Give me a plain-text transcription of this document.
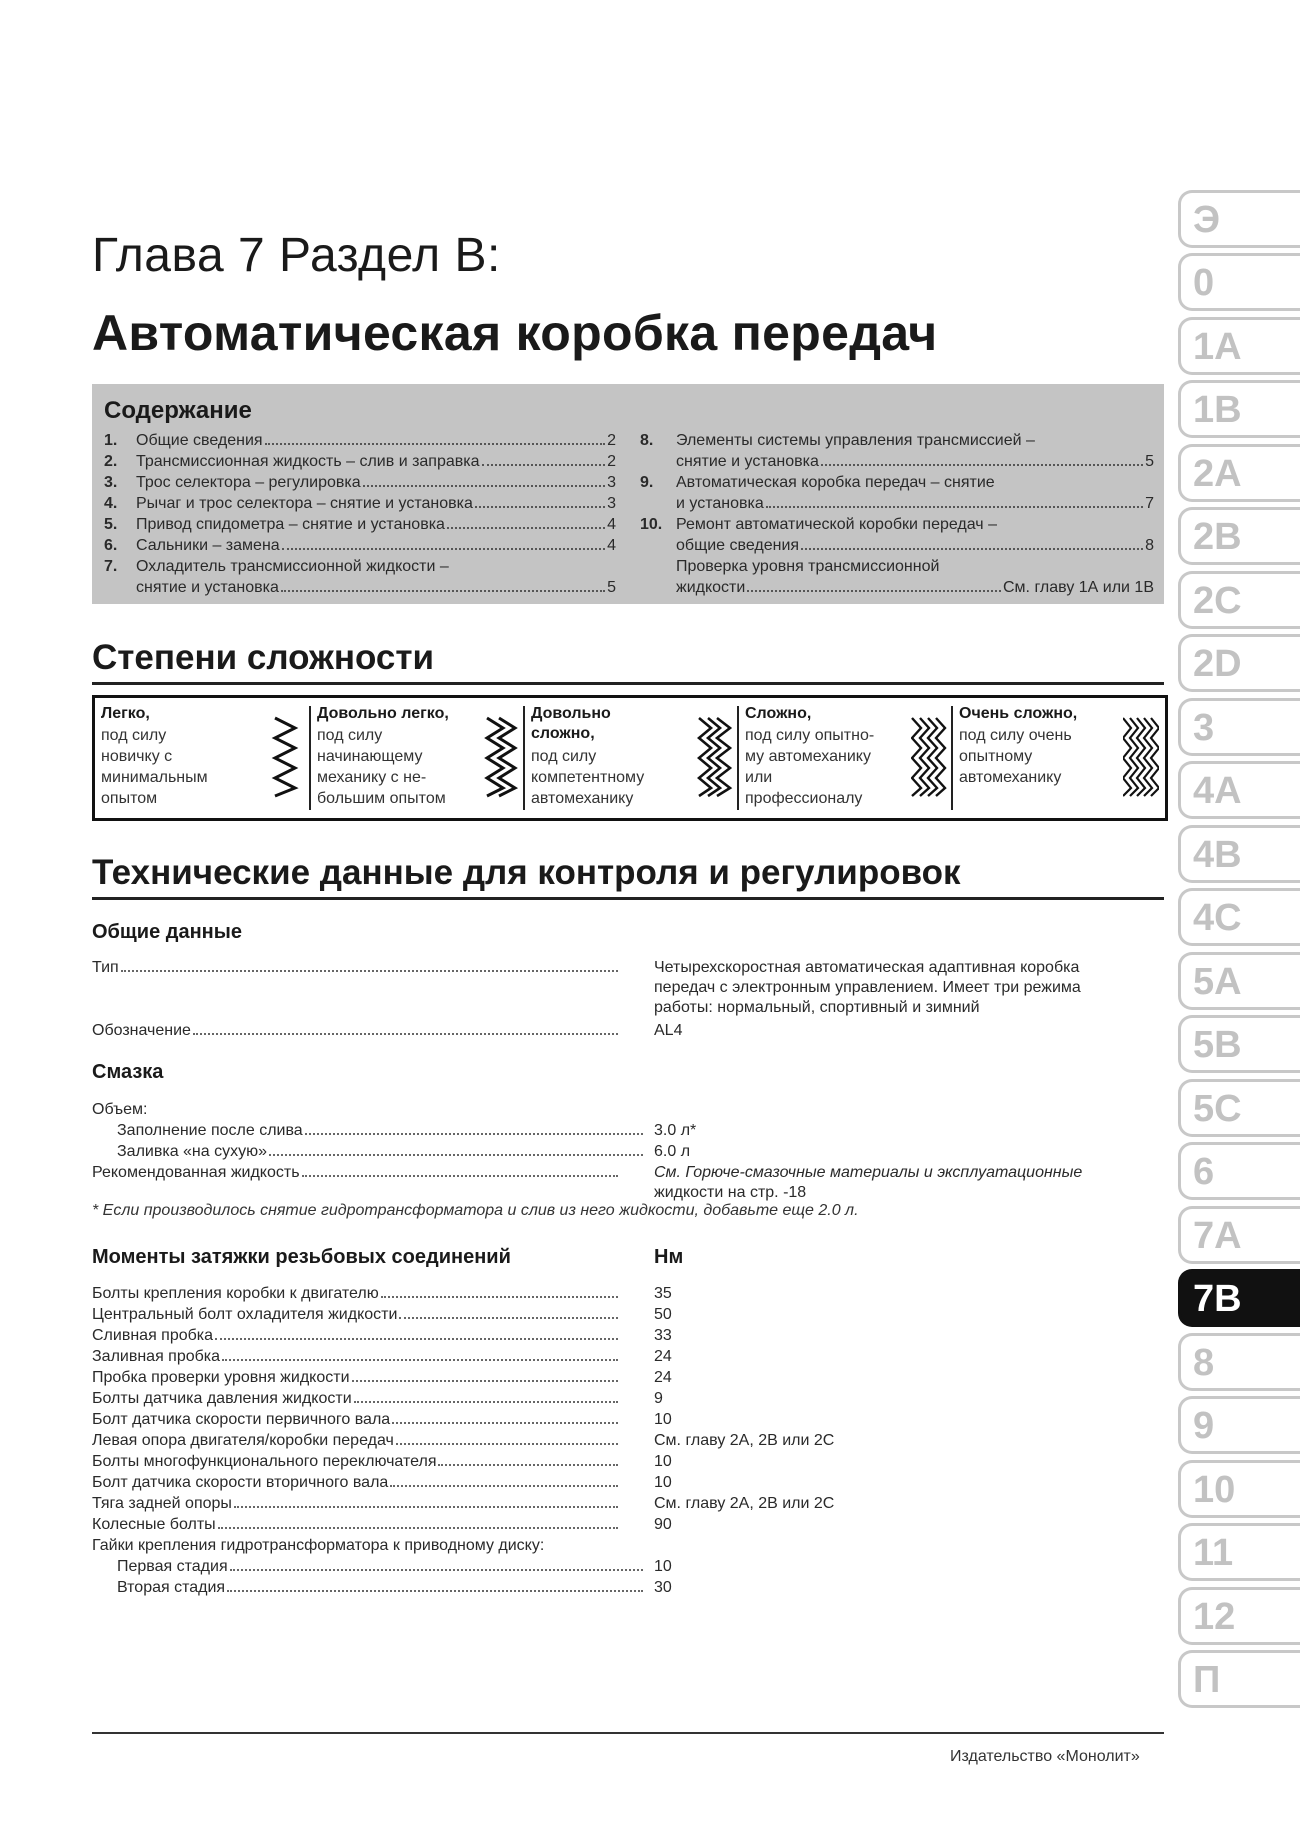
Глава 7 Раздел В:
Автоматическая коробка передач
Содержание
1.	Общие сведения	2
2.	Трансмиссионная жидкость – слив и заправка	2
3.	Трос селектора – регулировка	3
4.	Рычаг и трос селектора – снятие и установка	3
5.	Привод спидометра – снятие и установка	4
6.	Сальники – замена	4
7.	Охладитель трансмиссионной жидкости –
снятие и установка	5
8.	Элементы системы управления трансмиссией –
снятие и установка	5
9.	Автоматическая коробка передач – снятие
и установка	7
10. Ремонт автоматической коробки передач –
общие сведения	8
Проверка уровня трансмиссионной
жидкости	См. главу 1А или 1В
Степени сложности
Легко,
под силу
новичку с
минимальным
опытом
Довольно легко,
под силу
начинающему
механику с не-
большим опытом
Довольно сложно,
под силу
компетентному
автомеханику
Сложно,
под силу опытно-
му автомеханику
или
профессионалу
Очень сложно,
под силу очень
опытному
автомеханику
Технические данные для контроля и регулировок
Общие данные
Тип	Четырехскоростная автоматическая адаптивная коробка
передач с электронным управлением. Имеет три режима
работы: нормальный, спортивный и зимний
Обозначение	AL4
Смазка
Объем:
Заполнение после слива	3.0 л*
Заливка «на сухую»	6.0 л
Рекомендованная жидкость	См. Горюче-смазочные материалы и эксплуатационные
жидкости на стр. -18
* Если производилось снятие гидротрансформатора и слив из него жидкости, добавьте еще 2.0 л.
Моменты затяжки резьбовых соединений	Нм
Болты крепления коробки к двигателю	35
Центральный болт охладителя жидкости	50
Сливная пробка	33
Заливная пробка	24
Пробка проверки уровня жидкости	24
Болты датчика давления жидкости	9
Болт датчика скорости первичного вала	10
Левая опора двигателя/коробки передач	См. главу 2А, 2В или 2С
Болты многофункционального переключателя	10
Болт датчика скорости вторичного вала	10
Тяга задней опоры	См. главу 2А, 2В или 2С
Колесные болты	90
Гайки крепления гидротрансформатора к приводному диску:
Первая стадия	10
Вторая стадия	30
Издательство «Монолит»
Э
0
1А
1В
2А
2В
2С
2D
3
4А
4В
4С
5А
5В
5С
6
7А
7В
8
9
10
11
12
П
